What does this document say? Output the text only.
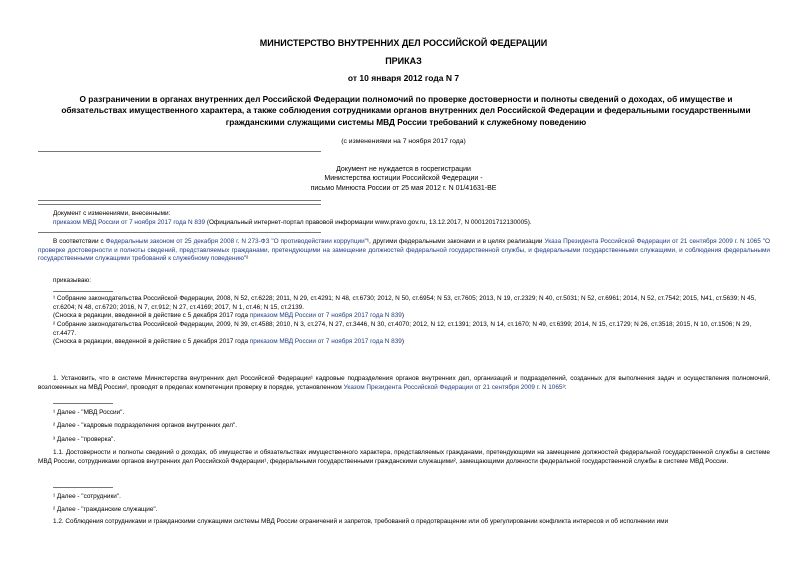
МИНИСТЕРСТВО ВНУТРЕННИХ ДЕЛ РОССИЙСКОЙ ФЕДЕРАЦИИ
ПРИКАЗ
от 10 января 2012 года N 7
О разграничении в органах внутренних дел Российской Федерации полномочий по проверке достоверности и полноты сведений о доходах, об имуществе и обязательствах имущественного характера, а также соблюдения сотрудниками органов внутренних дел Российской Федерации и федеральными государственными гражданскими служащими системы МВД России требований к служебному поведению
(с изменениями на 7 ноября 2017 года)
Документ не нуждается в госрегистрации
Министерства юстиции Российской Федерации -
письмо Минюста России от 25 мая 2012 г. N 01/41631-ВЕ
Документ с изменениями, внесенными:
приказом МВД России от 7 ноября 2017 года N 839 (Официальный интернет-портал правовой информации www.pravo.gov.ru, 13.12.2017, N 0001201712130005).
В соответствии с Федеральным законом от 25 декабря 2008 г. N 273-ФЗ "О противодействии коррупции"¹, другими федеральными законами и в целях реализации Указа Президента Российской Федерации от 21 сентября 2009 г. N 1065 "О проверке достоверности и полноты сведений, представляемых гражданами, претендующими на замещение должностей федеральной государственной службы, и федеральными государственными служащими, и соблюдения федеральными государственными служащими требований к служебному поведению"²
приказываю:

¹ Собрание законодательства Российской Федерации, 2008, N 52, ст.6228; 2011, N 29, ст.4291; N 48, ст.6730; 2012, N 50, ст.6954; N 53, ст.7605; 2013, N 19, ст.2329; N 40, ст.5031; N 52, ст.6961; 2014, N 52, ст.7542; 2015, N41, ст.5639; N 45, ст.6204; N 48, ст.6720; 2016, N 7, ст.912; N 27, ст.4169; 2017, N 1, ст.46; N 15, ст.2139.

(Сноска в редакции, введенной в действие с 5 декабря 2017 года приказом МВД России от 7 ноября 2017 года N 839)

² Собрание законодательства Российской Федерации, 2009, N 39, ст.4588; 2010, N 3, ст.274, N 27, ст.3446, N 30, ст.4070; 2012, N 12, ст.1391; 2013, N 14, ст.1670; N 49, ст.6399; 2014, N 15, ст.1729; N 26, ст.3518; 2015, N 10, ст.1506; N 29, ст.4477.

(Сноска в редакции, введенной в действие с 5 декабря 2017 года приказом МВД России от 7 ноября 2017 года N 839)

1. Установить, что в системе Министерства внутренних дел Российской Федерации¹ кадровые подразделения органов внутренних дел, организаций и подразделений, созданных для выполнения задач и осуществления полномочий, возложенных на МВД России², проводят в пределах компетенции проверку в порядке, установленном Указом Президента Российской Федерации от 21 сентября 2009 г. N 1065³:

¹ Далее - "МВД России".

² Далее - "кадровые подразделения органов внутренних дел".

³ Далее - "проверка".

1.1. Достоверности и полноты сведений о доходах, об имуществе и обязательствах имущественного характера, представляемых гражданами, претендующими на замещение должностей федеральной государственной службы в системе МВД России, сотрудниками органов внутренних дел Российской Федерации¹, федеральными государственными гражданскими служащими², замещающими должности федеральной государственной службы в системе МВД России.

¹ Далее - "сотрудники".

² Далее - "гражданские служащие".

1.2. Соблюдения сотрудниками и гражданскими служащими системы МВД России ограничений и запретов, требований о предотвращении или об урегулировании конфликта интересов и об исполнении ими
